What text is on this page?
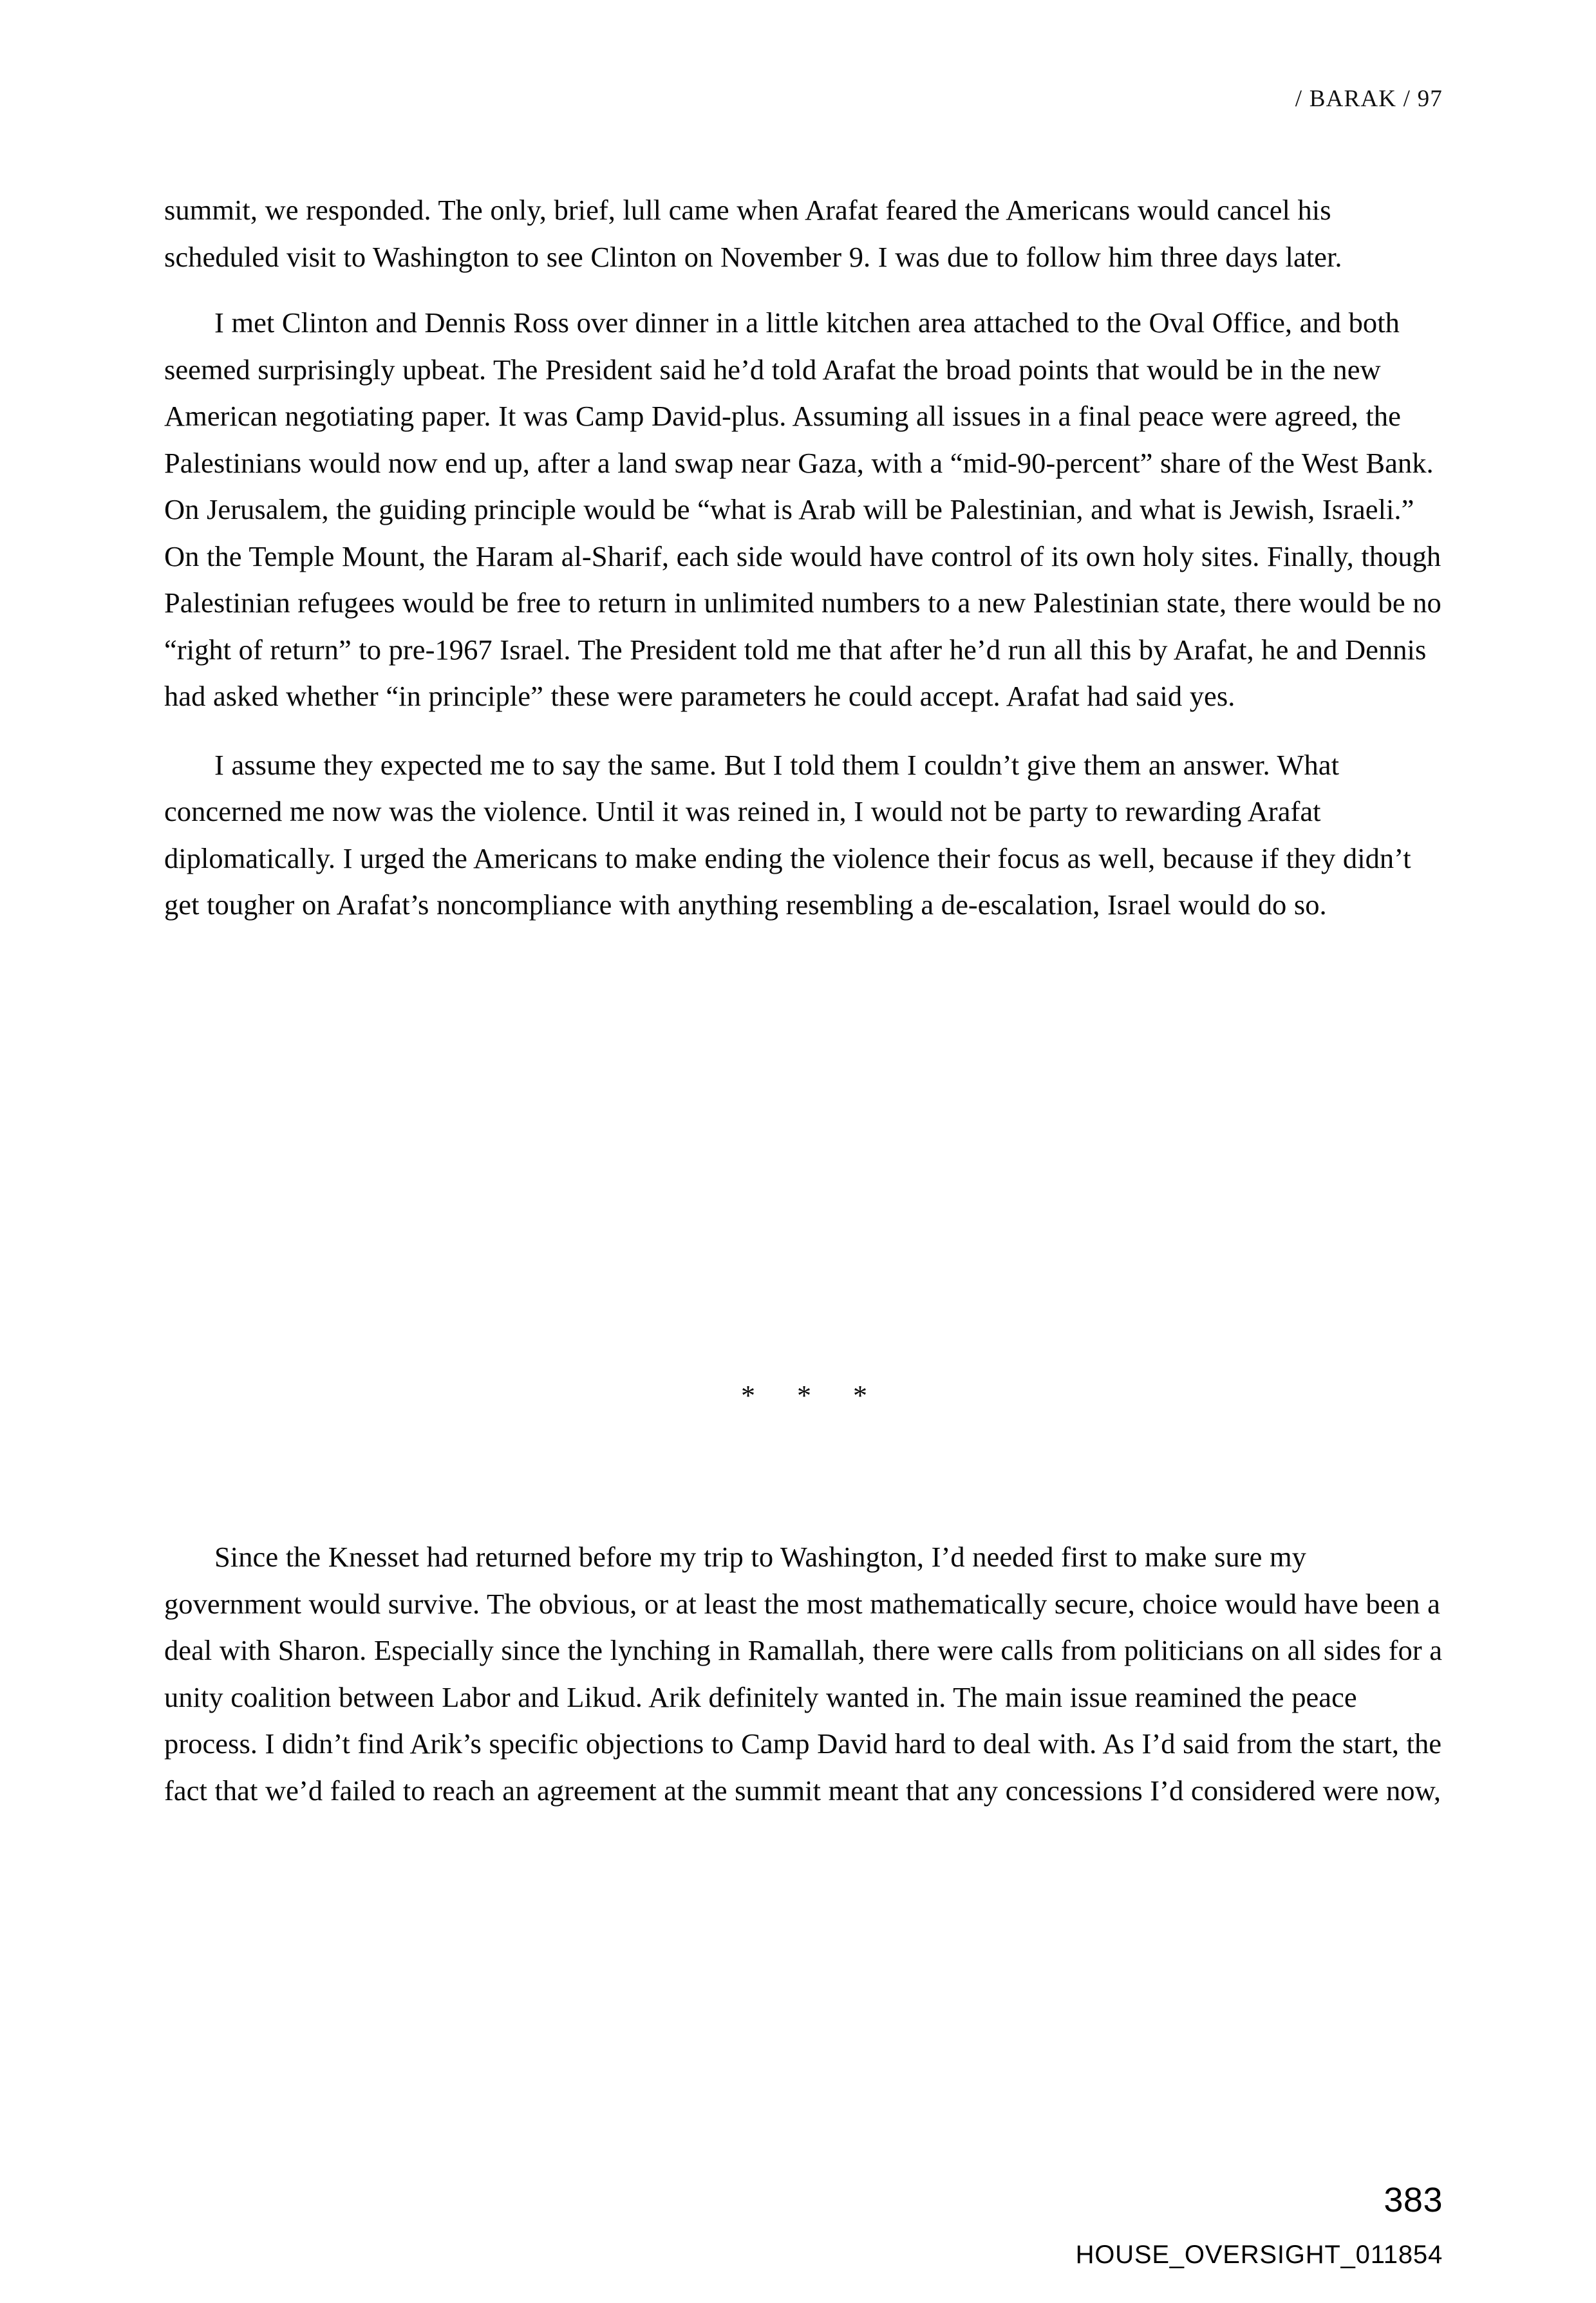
/ BARAK / 97

summit, we responded. The only, brief, lull came when Arafat feared the Americans would cancel his scheduled visit to Washington to see Clinton on November 9. I was due to follow him three days later.

I met Clinton and Dennis Ross over dinner in a little kitchen area attached to the Oval Office, and both seemed surprisingly upbeat. The President said he’d told Arafat the broad points that would be in the new American negotiating paper. It was Camp David-plus. Assuming all issues in a final peace were agreed, the Palestinians would now end up, after a land swap near Gaza, with a “mid-90-percent” share of the West Bank. On Jerusalem, the guiding principle would be “what is Arab will be Palestinian, and what is Jewish, Israeli.” On the Temple Mount, the Haram al-Sharif, each side would have control of its own holy sites. Finally, though Palestinian refugees would be free to return in unlimited numbers to a new Palestinian state, there would be no “right of return” to pre-1967 Israel. The President told me that after he’d run all this by Arafat, he and Dennis had asked whether “in principle” these were parameters he could accept. Arafat had said yes.

I assume they expected me to say the same. But I told them I couldn’t give them an answer. What concerned me now was the violence. Until it was reined in, I would not be party to rewarding Arafat diplomatically. I urged the Americans to make ending the violence their focus as well, because if they didn’t get tougher on Arafat’s noncompliance with anything resembling a de-escalation, Israel would do so.

* * *

Since the Knesset had returned before my trip to Washington, I’d needed first to make sure my government would survive. The obvious, or at least the most mathematically secure, choice would have been a deal with Sharon. Especially since the lynching in Ramallah, there were calls from politicians on all sides for a unity coalition between Labor and Likud. Arik definitely wanted in. The main issue reamined the peace process. I didn’t find Arik’s specific objections to Camp David hard to deal with. As I’d said from the start, the fact that we’d failed to reach an agreement at the summit meant that any concessions I’d considered were now,

383
HOUSE_OVERSIGHT_011854
